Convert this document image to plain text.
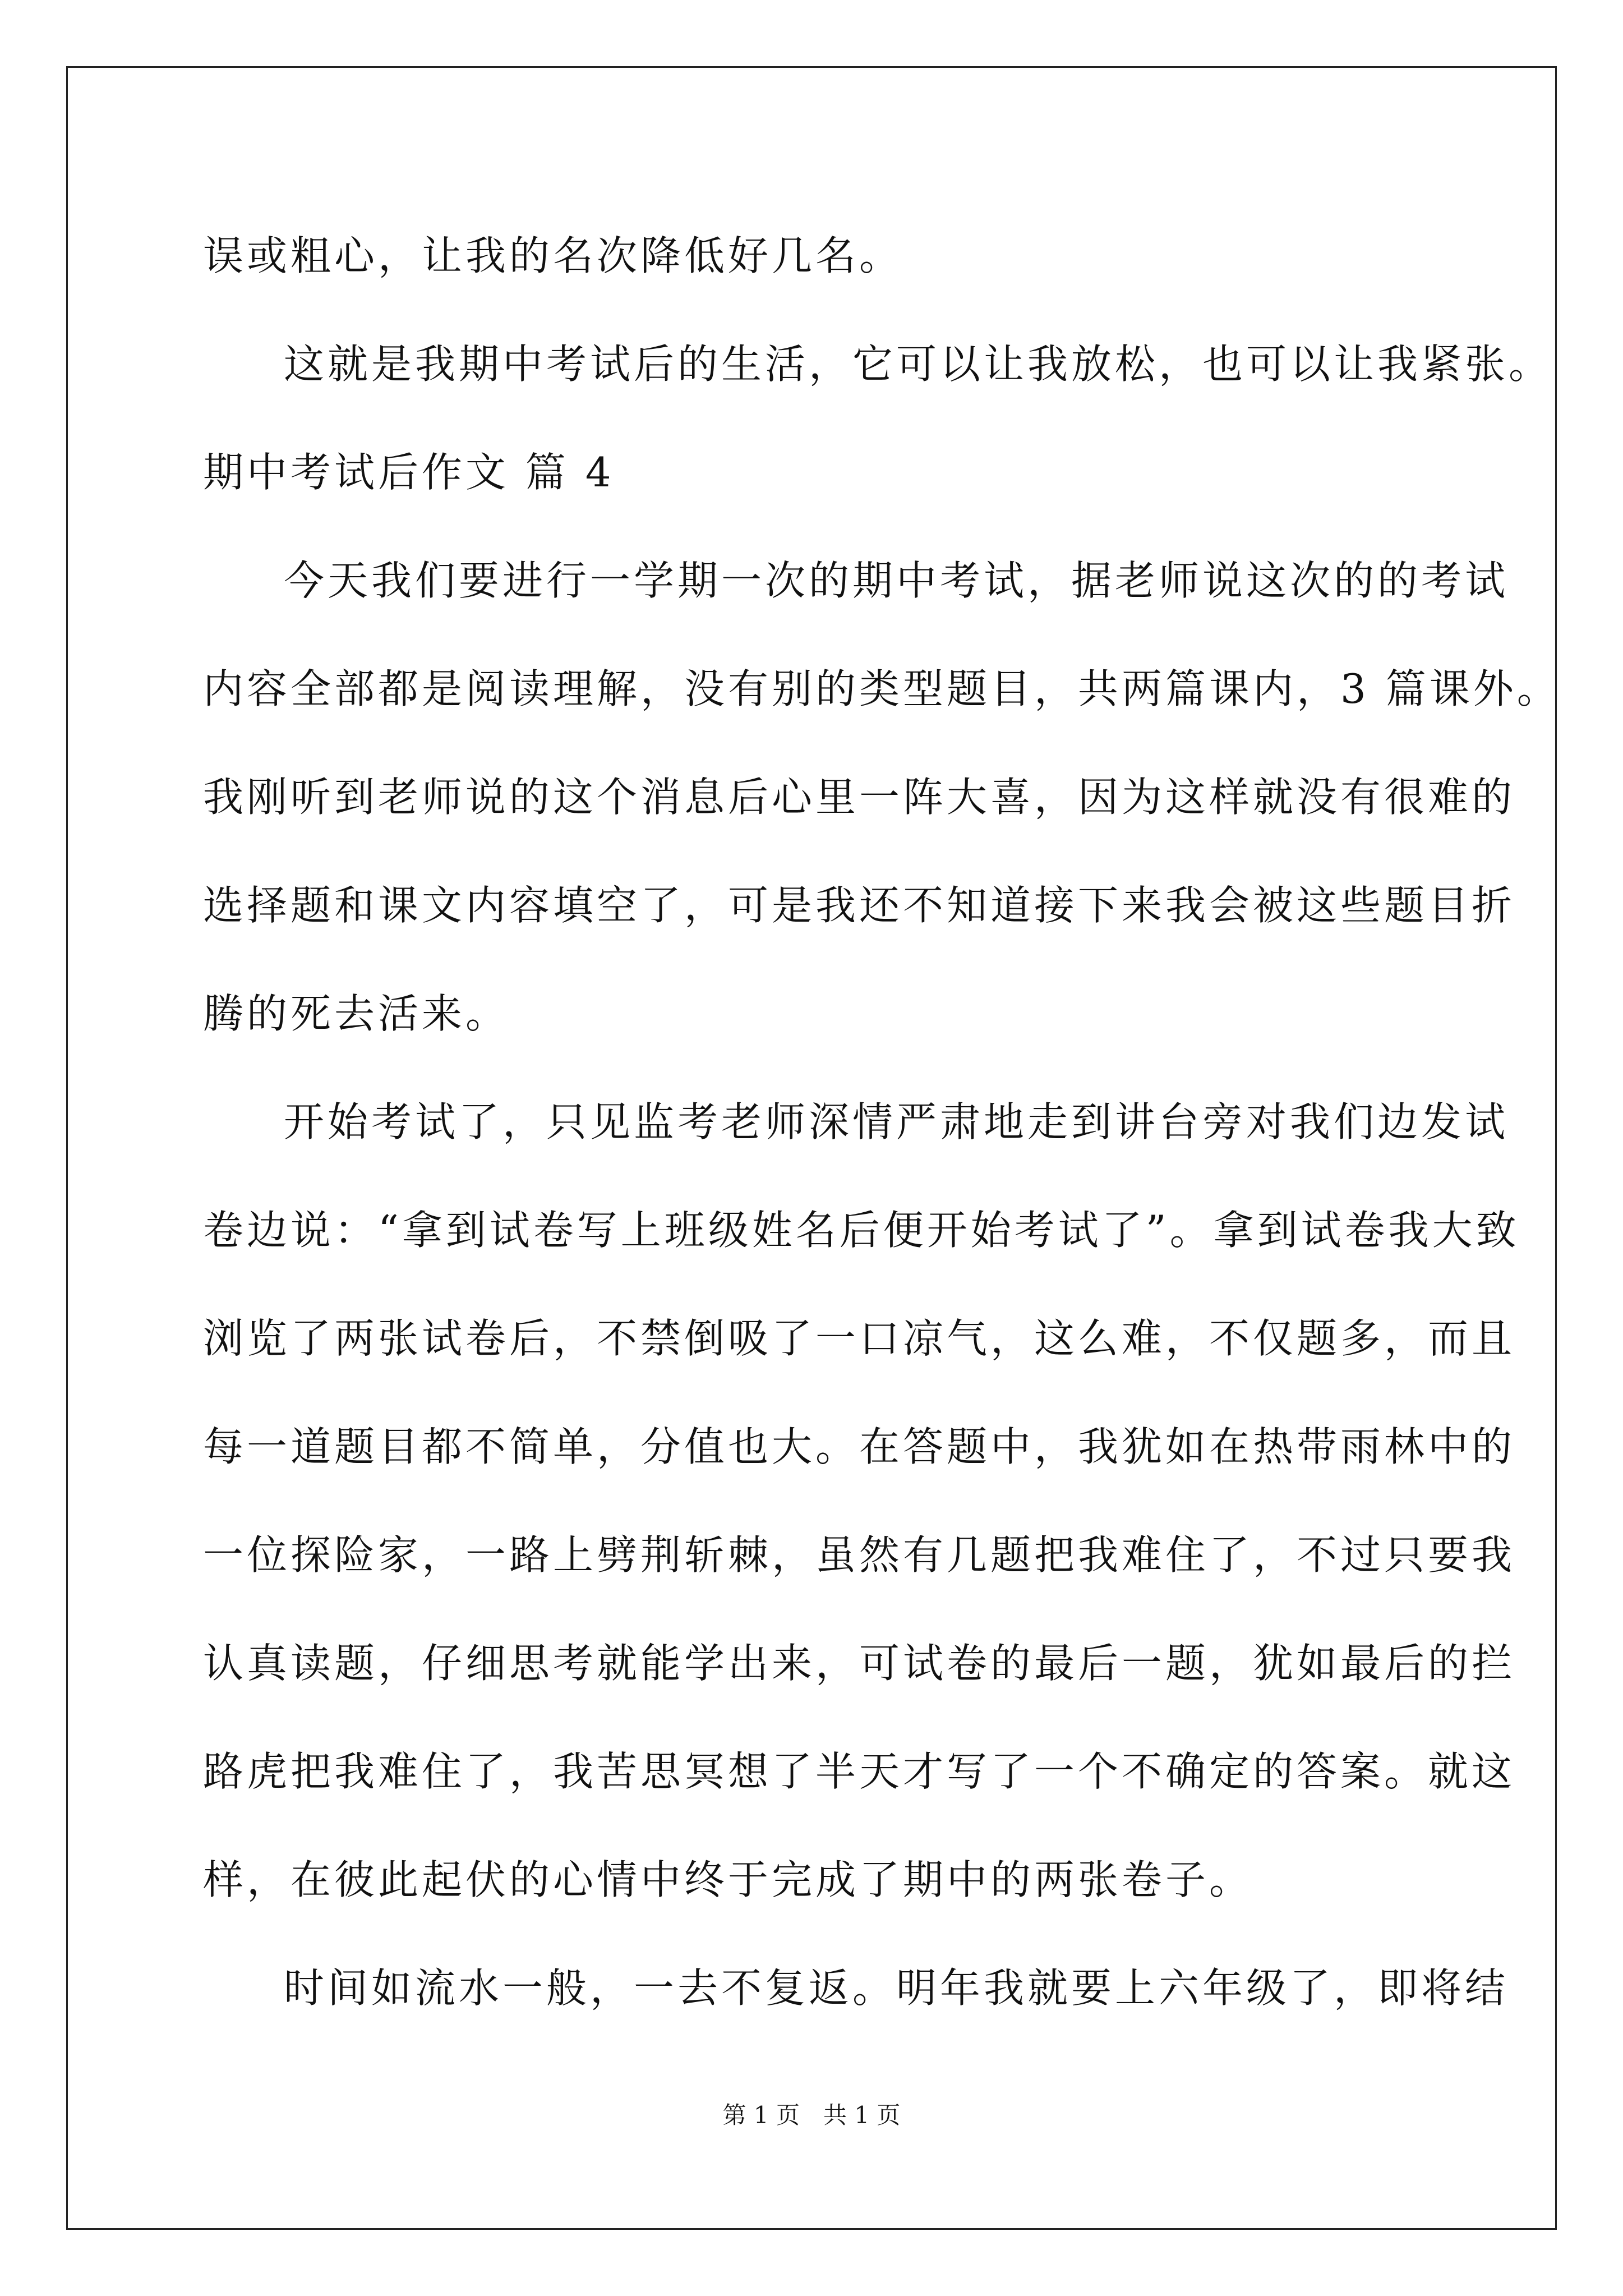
误或粗心，让我的名次降低好几名。
这就是我期中考试后的生活，它可以让我放松，也可以让我紧张。
期中考试后作文 篇 4
今天我们要进行一学期一次的期中考试，据老师说这次的的考试
内容全部都是阅读理解，没有别的类型题目，共两篇课内，3 篇课外。
我刚听到老师说的这个消息后心里一阵大喜，因为这样就没有很难的
选择题和课文内容填空了，可是我还不知道接下来我会被这些题目折
腾的死去活来。
开始考试了，只见监考老师深情严肃地走到讲台旁对我们边发试
卷边说：“拿到试卷写上班级姓名后便开始考试了”。拿到试卷我大致
浏览了两张试卷后，不禁倒吸了一口凉气，这么难，不仅题多，而且
每一道题目都不简单，分值也大。在答题中，我犹如在热带雨林中的
一位探险家，一路上劈荆斩棘，虽然有几题把我难住了，不过只要我
认真读题，仔细思考就能学出来，可试卷的最后一题，犹如最后的拦
路虎把我难住了，我苦思冥想了半天才写了一个不确定的答案。就这
样，在彼此起伏的心情中终于完成了期中的两张卷子。
时间如流水一般，一去不复返。明年我就要上六年级了，即将结
第 1 页　共 1 页
